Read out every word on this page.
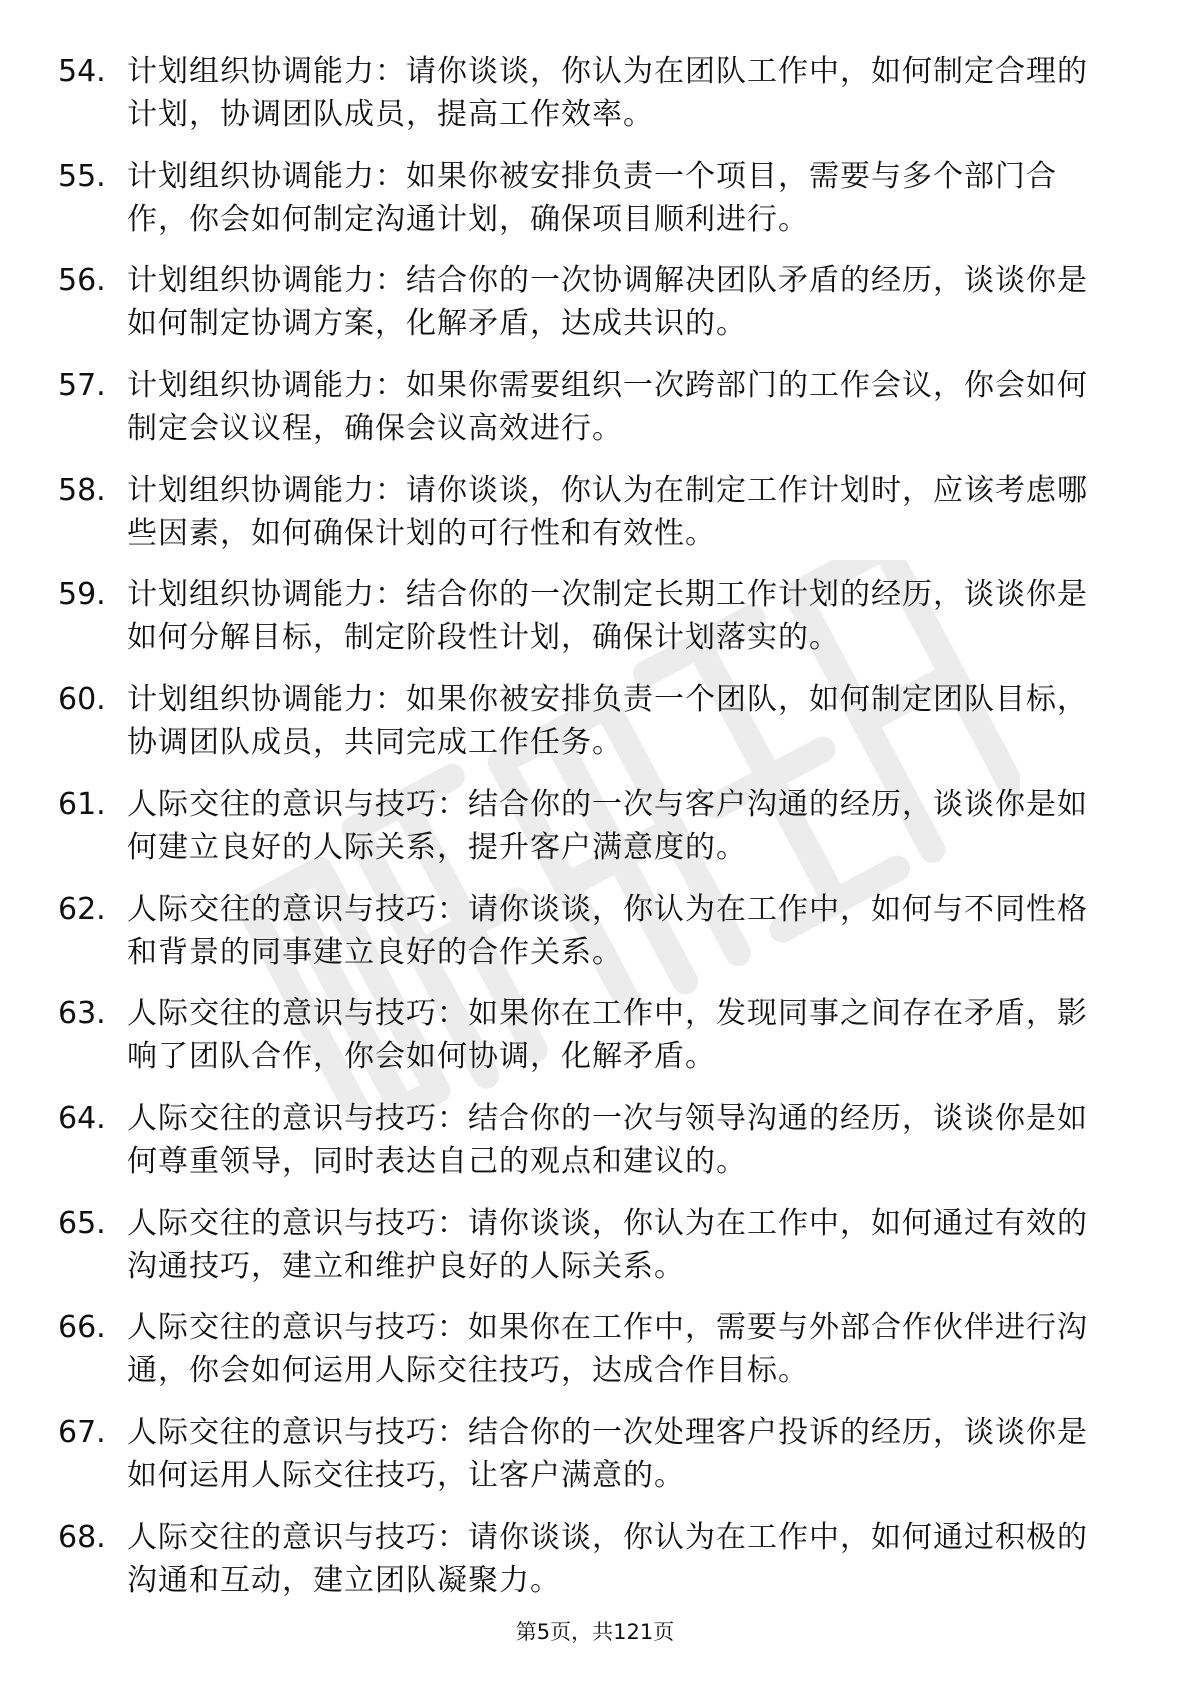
54. 计划组织协调能力：请你谈谈，你认为在团队工作中，如何制定合理的计划，协调团队成员，提高工作效率。
55. 计划组织协调能力：如果你被安排负责一个项目，需要与多个部门合作，你会如何制定沟通计划，确保项目顺利进行。
56. 计划组织协调能力：结合你的一次协调解决团队矛盾的经历，谈谈你是如何制定协调方案，化解矛盾，达成共识的。
57. 计划组织协调能力：如果你需要组织一次跨部门的工作会议，你会如何制定会议议程，确保会议高效进行。
58. 计划组织协调能力：请你谈谈，你认为在制定工作计划时，应该考虑哪些因素，如何确保计划的可行性和有效性。
59. 计划组织协调能力：结合你的一次制定长期工作计划的经历，谈谈你是如何分解目标，制定阶段性计划，确保计划落实的。
60. 计划组织协调能力：如果你被安排负责一个团队，如何制定团队目标，协调团队成员，共同完成工作任务。
61. 人际交往的意识与技巧：结合你的一次与客户沟通的经历，谈谈你是如何建立良好的人际关系，提升客户满意度的。
62. 人际交往的意识与技巧：请你谈谈，你认为在工作中，如何与不同性格和背景的同事建立良好的合作关系。
63. 人际交往的意识与技巧：如果你在工作中，发现同事之间存在矛盾，影响了团队合作，你会如何协调，化解矛盾。
64. 人际交往的意识与技巧：结合你的一次与领导沟通的经历，谈谈你是如何尊重领导，同时表达自己的观点和建议的。
65. 人际交往的意识与技巧：请你谈谈，你认为在工作中，如何通过有效的沟通技巧，建立和维护良好的人际关系。
66. 人际交往的意识与技巧：如果你在工作中，需要与外部合作伙伴进行沟通，你会如何运用人际交往技巧，达成合作目标。
67. 人际交往的意识与技巧：结合你的一次处理客户投诉的经历，谈谈你是如何运用人际交往技巧，让客户满意的。
68. 人际交往的意识与技巧：请你谈谈，你认为在工作中，如何通过积极的沟通和互动，建立团队凝聚力。
第5页，共121页
